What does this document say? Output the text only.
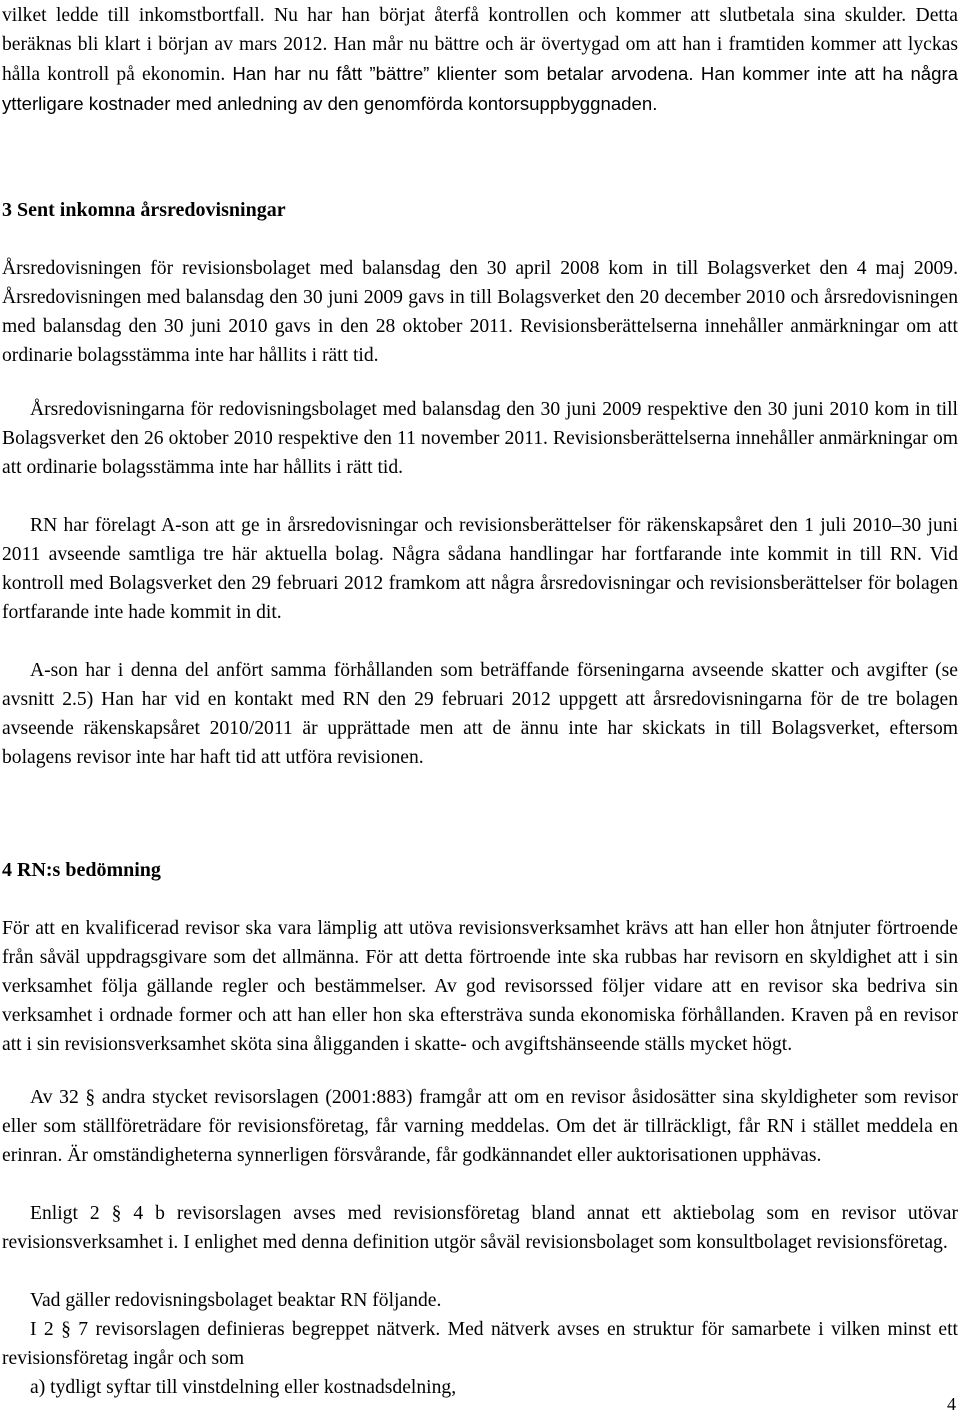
vilket ledde till inkomstbortfall. Nu har han börjat återfå kontrollen och kommer att slutbetala sina skulder. Detta beräknas bli klart i början av mars 2012. Han mår nu bättre och är övertygad om att han i framtiden kommer att lyckas hålla kontroll på ekonomin. Han har nu fått ”bättre” klienter som betalar arvodena. Han kommer inte att ha några ytterligare kostnader med anledning av den genomförda kontorsuppbyggnaden.

3 Sent inkomna årsredovisningar

Årsredovisningen för revisionsbolaget med balansdag den 30 april 2008 kom in till Bolagsverket den 4 maj 2009. Årsredovisningen med balansdag den 30 juni 2009 gavs in till Bolagsverket den 20 december 2010 och årsredovisningen med balansdag den 30 juni 2010 gavs in den 28 oktober 2011. Revisionsberättelserna innehåller anmärkningar om att ordinarie bolagsstämma inte har hållits i rätt tid.

Årsredovisningarna för redovisningsbolaget med balansdag den 30 juni 2009 respektive den 30 juni 2010 kom in till Bolagsverket den 26 oktober 2010 respektive den 11 november 2011. Revisionsberättelserna innehåller anmärkningar om att ordinarie bolagsstämma inte har hållits i rätt tid.

RN har förelagt A-son att ge in årsredovisningar och revisionsberättelser för räkenskapsåret den 1 juli 2010–30 juni 2011 avseende samtliga tre här aktuella bolag. Några sådana handlingar har fortfarande inte kommit in till RN. Vid kontroll med Bolagsverket den 29 februari 2012 framkom att några årsredovisningar och revisionsberättelser för bolagen fortfarande inte hade kommit in dit.

A-son har i denna del anfört samma förhållanden som beträffande förseningarna avseende skatter och avgifter (se avsnitt 2.5) Han har vid en kontakt med RN den 29 februari 2012 uppgett att årsredovisningarna för de tre bolagen avseende räkenskapsåret 2010/2011 är upprättade men att de ännu inte har skickats in till Bolagsverket, eftersom bolagens revisor inte har haft tid att utföra revisionen.

4 RN:s bedömning

För att en kvalificerad revisor ska vara lämplig att utöva revisionsverksamhet krävs att han eller hon åtnjuter förtroende från såväl uppdragsgivare som det allmänna. För att detta förtroende inte ska rubbas har revisorn en skyldighet att i sin verksamhet följa gällande regler och bestämmelser. Av god revisorssed följer vidare att en revisor ska bedriva sin verksamhet i ordnade former och att han eller hon ska eftersträva sunda ekonomiska förhållanden. Kraven på en revisor att i sin revisionsverksamhet sköta sina åligganden i skatte- och avgiftshänseende ställs mycket högt.

Av 32 § andra stycket revisorslagen (2001:883) framgår att om en revisor åsidosätter sina skyldigheter som revisor eller som ställföreträdare för revisionsföretag, får varning meddelas. Om det är tillräckligt, får RN i stället meddela en erinran. Är omständigheterna synnerligen försvårande, får godkännandet eller auktorisationen upphävas.

Enligt 2 § 4 b revisorslagen avses med revisionsföretag bland annat ett aktiebolag som en revisor utövar revisionsverksamhet i. I enlighet med denna definition utgör såväl revisionsbolaget som konsultbolaget revisionsföretag.

Vad gäller redovisningsbolaget beaktar RN följande.

I 2 § 7 revisorslagen definieras begreppet nätverk. Med nätverk avses en struktur för samarbete i vilken minst ett revisionsföretag ingår och som

a) tydligt syftar till vinstdelning eller kostnadsdelning,

4
